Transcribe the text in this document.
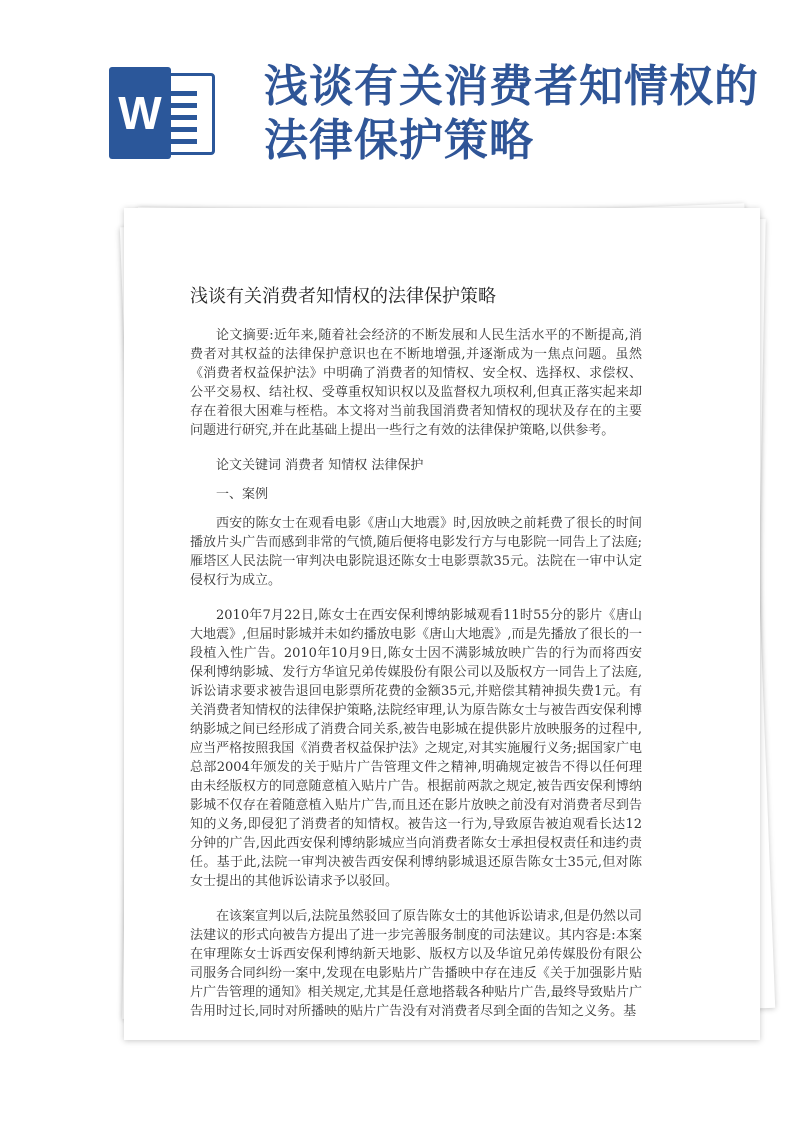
W
浅谈有关消费者知情权的法律保护策略
浅谈有关消费者知情权的法律保护策略

论文摘要:近年来,随着社会经济的不断发展和人民生活水平的不断提高,消费者对其权益的法律保护意识也在不断地增强,并逐渐成为一焦点问题。虽然《消费者权益保护法》中明确了消费者的知情权、安全权、选择权、求偿权、公平交易权、结社权、受尊重权知识权以及监督权九项权利,但真正落实起来却存在着很大困难与桎梏。本文将对当前我国消费者知情权的现状及存在的主要问题进行研究,并在此基础上提出一些行之有效的法律保护策略,以供参考。

论文关键词 消费者 知情权 法律保护

一、案例

西安的陈女士在观看电影《唐山大地震》时,因放映之前耗费了很长的时间播放片头广告而感到非常的气愤,随后便将电影发行方与电影院一同告上了法庭;雁塔区人民法院一审判决电影院退还陈女士电影票款35元。法院在一审中认定侵权行为成立。

2010年7月22日,陈女士在西安保利博纳影城观看11时55分的影片《唐山大地震》,但届时影城并未如约播放电影《唐山大地震》,而是先播放了很长的一段植入性广告。2010年10月9日,陈女士因不满影城放映广告的行为而将西安保利博纳影城、发行方华谊兄弟传媒股份有限公司以及版权方一同告上了法庭,诉讼请求要求被告退回电影票所花费的金额35元,并赔偿其精神损失费1元。有关消费者知情权的法律保护策略,法院经审理,认为原告陈女士与被告西安保利博纳影城之间已经形成了消费合同关系,被告电影城在提供影片放映服务的过程中,应当严格按照我国《消费者权益保护法》之规定,对其实施履行义务;据国家广电总部2004年颁发的关于贴片广告管理文件之精神,明确规定被告不得以任何理由未经版权方的同意随意植入贴片广告。根据前两款之规定,被告西安保利博纳影城不仅存在着随意植入贴片广告,而且还在影片放映之前没有对消费者尽到告知的义务,即侵犯了消费者的知情权。被告这一行为,导致原告被迫观看长达12分钟的广告,因此西安保利博纳影城应当向消费者陈女士承担侵权责任和违约责任。基于此,法院一审判决被告西安保利博纳影城退还原告陈女士35元,但对陈女士提出的其他诉讼请求予以驳回。

在该案宣判以后,法院虽然驳回了原告陈女士的其他诉讼请求,但是仍然以司法建议的形式向被告方提出了进一步完善服务制度的司法建议。其内容是:本案在审理陈女士诉西安保利博纳新天地影、版权方以及华谊兄弟传媒股份有限公司服务合同纠纷一案中,发现在电影贴片广告播映中存在违反《关于加强影片贴片广告管理的通知》相关规定,尤其是任意地搭载各种贴片广告,最终导致贴片广告用时过长,同时对所播映的贴片广告没有对消费者尽到全面的告知之义务。基
